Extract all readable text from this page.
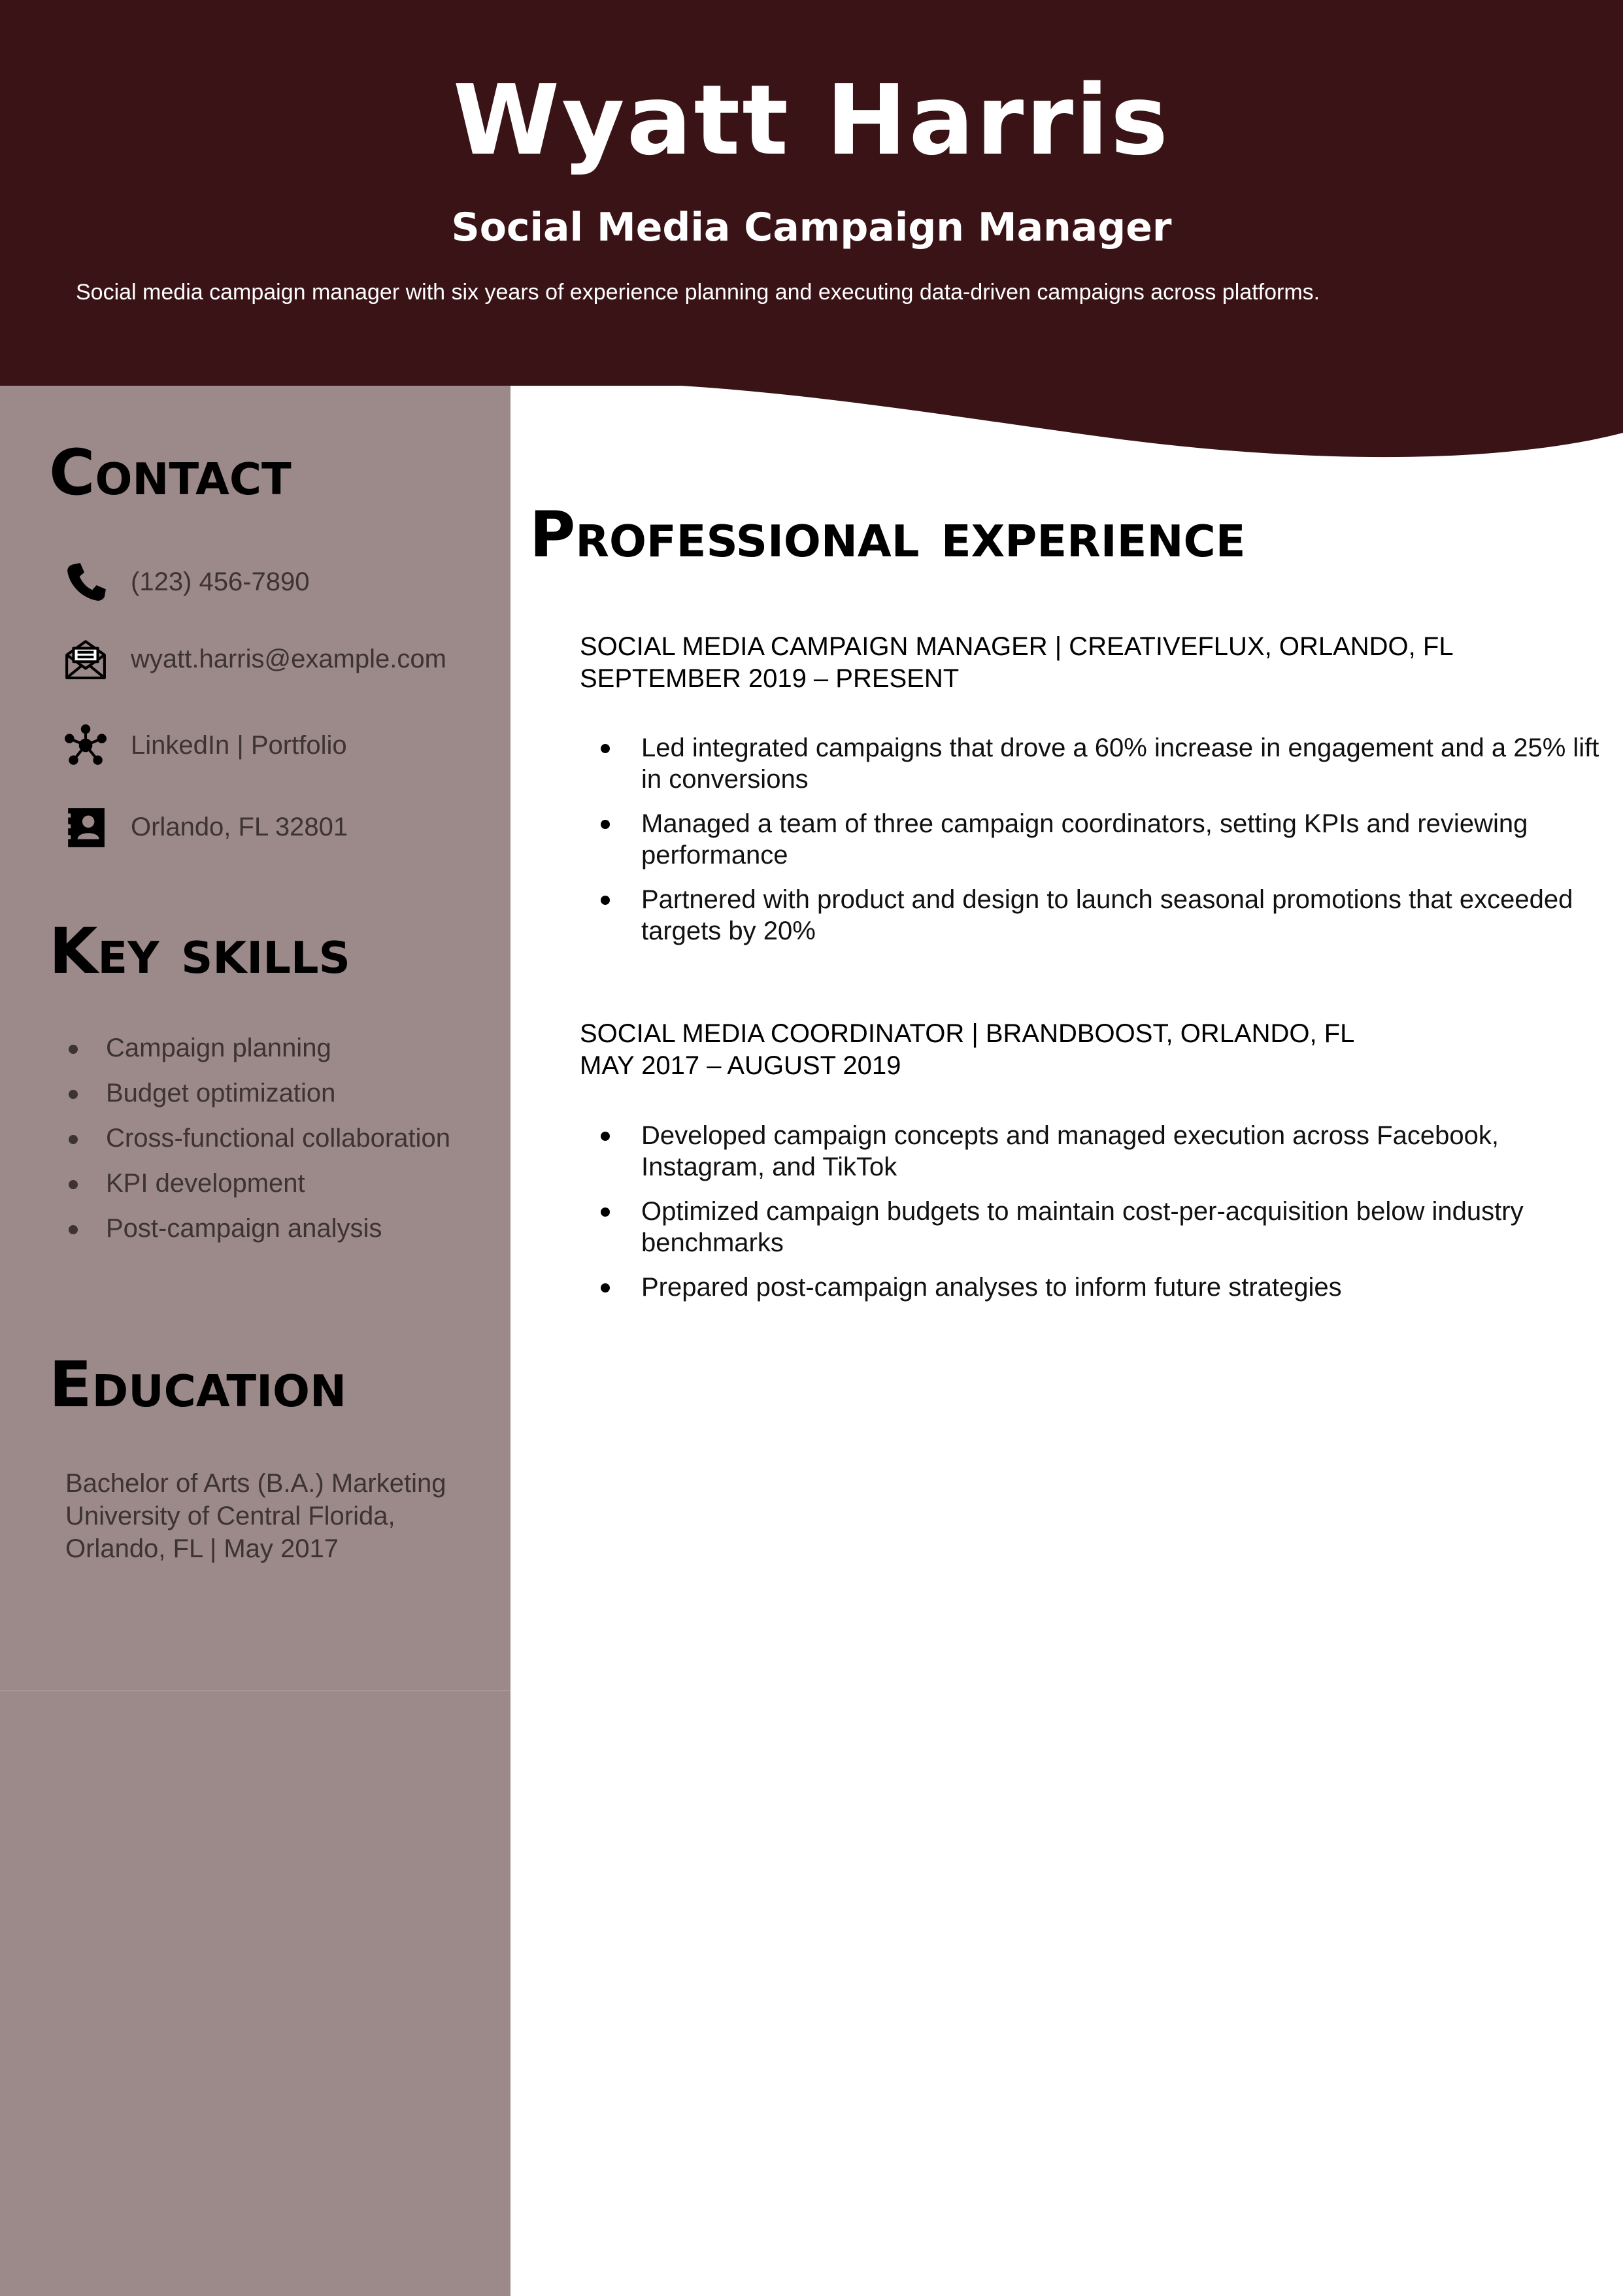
Wyatt Harris
Social Media Campaign Manager
Social media campaign manager with six years of experience planning and executing data-driven campaigns across platforms.
Contact
(123) 456-7890
wyatt.harris@example.com
LinkedIn | Portfolio
Orlando, FL 32801
Key skills
Campaign planning
Budget optimization
Cross-functional collaboration
KPI development
Post-campaign analysis
Education
Bachelor of Arts (B.A.) Marketing
University of Central Florida,
Orlando, FL | May 2017
Professional experience
SOCIAL MEDIA CAMPAIGN MANAGER | CREATIVEFLUX, ORLANDO, FL
SEPTEMBER 2019 – PRESENT
Led integrated campaigns that drove a 60% increase in engagement and a 25% lift in conversions
Managed a team of three campaign coordinators, setting KPIs and reviewing performance
Partnered with product and design to launch seasonal promotions that exceeded targets by 20%
SOCIAL MEDIA COORDINATOR | BRANDBOOST, ORLANDO, FL
MAY 2017 – AUGUST 2019
Developed campaign concepts and managed execution across Facebook, Instagram, and TikTok
Optimized campaign budgets to maintain cost-per-acquisition below industry benchmarks
Prepared post-campaign analyses to inform future strategies
